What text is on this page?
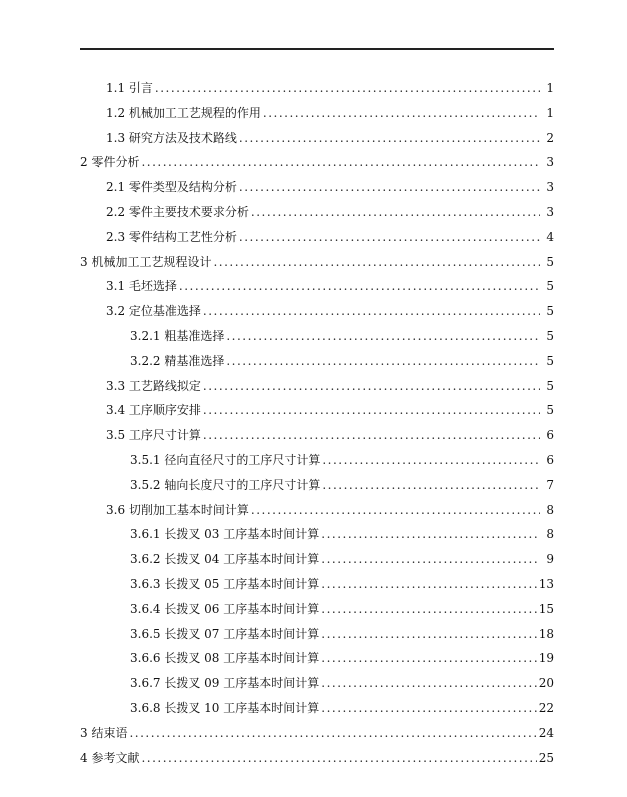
1.1 引言 .....	1
1.2 机械加工工艺规程的作用 .....	1
1.3 研究方法及技术路线 .....	2
2 零件分析 .....	3
2.1 零件类型及结构分析 .....	3
2.2 零件主要技术要求分析 .....	3
2.3 零件结构工艺性分析 .....	4
3 机械加工工艺规程设计 .....	5
3.1 毛坯选择 .....	5
3.2 定位基准选择 .....	5
3.2.1 粗基准选择 .....	5
3.2.2 精基准选择 .....	5
3.3 工艺路线拟定 .....	5
3.4 工序顺序安排 .....	5
3.5 工序尺寸计算 .....	6
3.5.1 径向直径尺寸的工序尺寸计算 .....	6
3.5.2 轴向长度尺寸的工序尺寸计算 .....	7
3.6 切削加工基本时间计算 .....	8
3.6.1 长拨叉 03 工序基本时间计算 .....	8
3.6.2 长拨叉 04 工序基本时间计算 .....	9
3.6.3 长拨叉 05 工序基本时间计算 .....	13
3.6.4 长拨叉 06 工序基本时间计算 .....	15
3.6.5 长拨叉 07 工序基本时间计算 .....	18
3.6.6 长拨叉 08 工序基本时间计算 .....	19
3.6.7 长拨叉 09 工序基本时间计算 .....	20
3.6.8 长拨叉 10 工序基本时间计算 .....	22
3 结束语 .....	24
4 参考文献 .....	25
